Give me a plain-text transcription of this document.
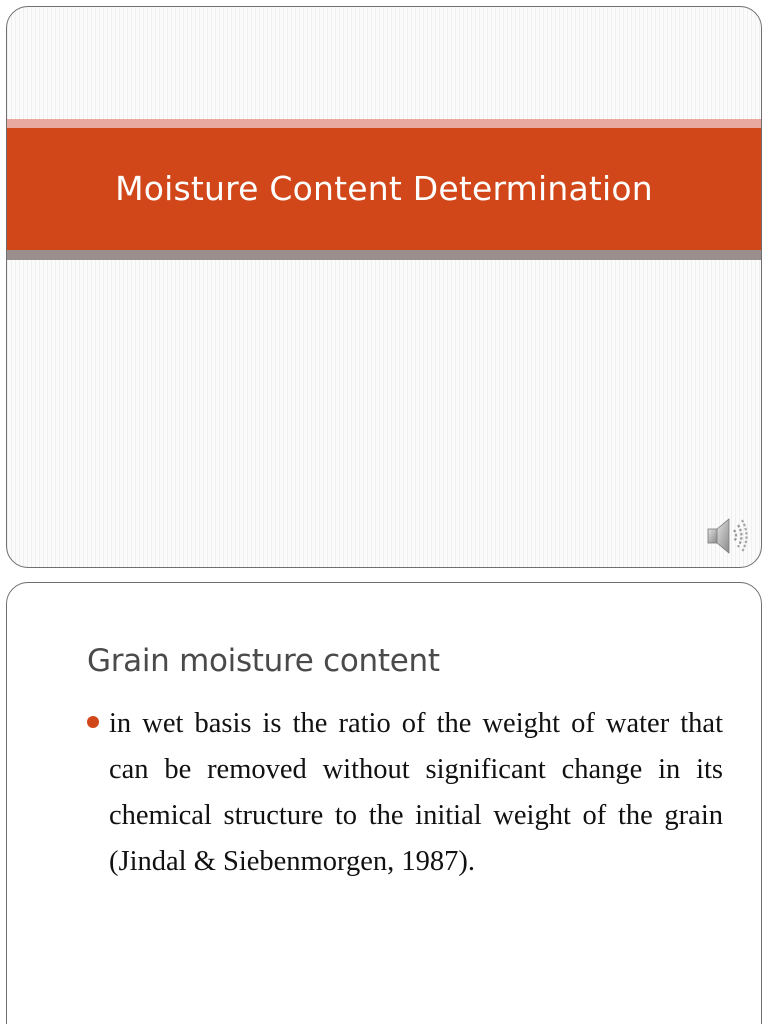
Moisture Content Determination
Grain moisture content

in wet basis is the ratio of the weight of water that can be removed without significant change in its chemical structure to the initial weight of the grain (Jindal & Siebenmorgen, 1987).
